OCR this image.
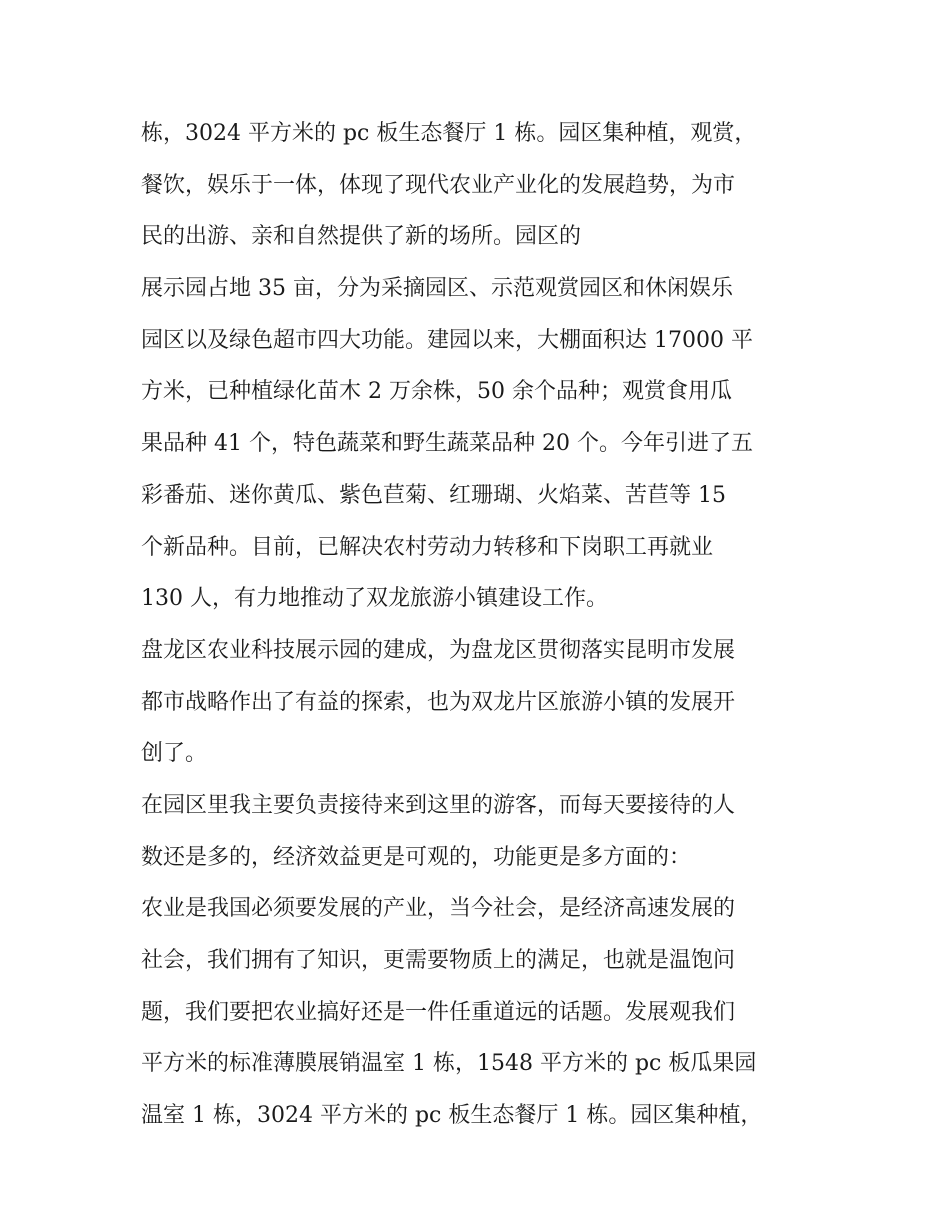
栋，3024 平方米的 pc 板生态餐厅 1 栋。园区集种植，观赏，
餐饮，娱乐于一体，体现了现代农业产业化的发展趋势，为市
民的出游、亲和自然提供了新的场所。园区的
展示园占地 35 亩，分为采摘园区、示范观赏园区和休闲娱乐
园区以及绿色超市四大功能。建园以来，大棚面积达 17000 平
方米，已种植绿化苗木 2 万余株，50 余个品种；观赏食用瓜
果品种 41 个，特色蔬菜和野生蔬菜品种 20 个。今年引进了五
彩番茄、迷你黄瓜、紫色苣菊、红珊瑚、火焰菜、苦苣等 15
个新品种。目前，已解决农村劳动力转移和下岗职工再就业
130 人，有力地推动了双龙旅游小镇建设工作。
盘龙区农业科技展示园的建成，为盘龙区贯彻落实昆明市发展
都市战略作出了有益的探索，也为双龙片区旅游小镇的发展开
创了。
在园区里我主要负责接待来到这里的游客，而每天要接待的人
数还是多的，经济效益更是可观的，功能更是多方面的：
农业是我国必须要发展的产业，当今社会，是经济高速发展的
社会，我们拥有了知识，更需要物质上的满足，也就是温饱问
题，我们要把农业搞好还是一件任重道远的话题。发展观我们
平方米的标准薄膜展销温室 1 栋，1548 平方米的 pc 板瓜果园
温室 1 栋，3024 平方米的 pc 板生态餐厅 1 栋。园区集种植，
